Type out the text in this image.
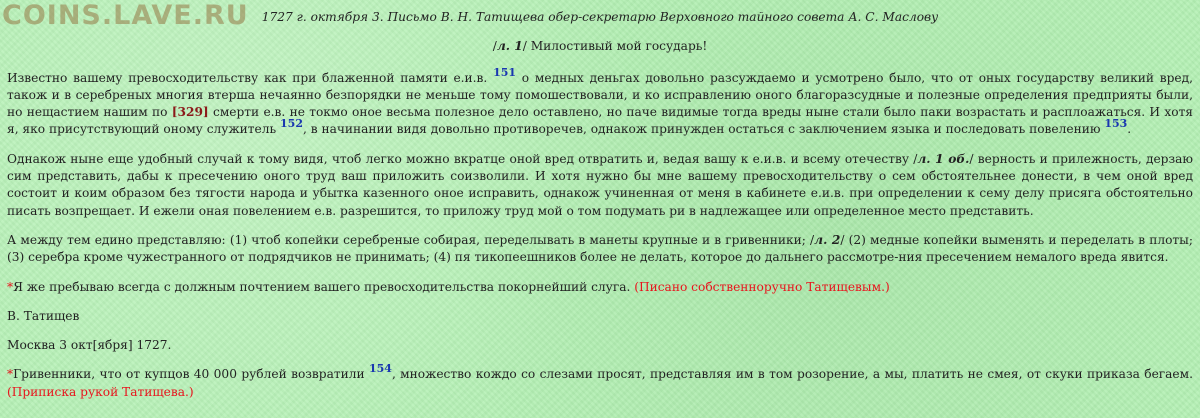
COINS.LAVE.RU	1727 г. октября 3. Письмо В. Н. Татищева обер-секретарю Верховного тайного совета А. С. Маслову
/л. 1/ Милостивый мой государь!

Известно вашему превосходительству как при блаженной памяти е.и.в. 151 о медных деньгах довольно разсуждаемо и усмотрено было, что от оных государству великий вред, також и в серебреных многия втерша нечаянно безпорядки не меньше тому помошествовали, и ко исправлению оного благоразсудные и полезные определения предприяты были, но нещастием нашим по [329] смерти е.в. не токмо оное весьма полезное дело оставлено, но паче видимые тогда вреды ныне стали было паки возрастать и расплоажаться. И хотя я, яко присутствующий оному служитель 152, в начинании видя довольно противоречев, однакож принужден остаться с заключением языка и последовать повелению 153.

Однакож ныне еще удобный случай к тому видя, чтоб легко можно вкратце оной вред отвратить и, ведая вашу к е.и.в. и всему отечеству /л. 1 об./ верность и прилежность, дерзаю сим представить, дабы к пресечению оного труд ваш приложить соизволили. И хотя нужно бы мне вашему превосходительству о сем обстоятельнее донести, в чем оной вред состоит и коим образом без тягости народа и убытка казенного оное исправить, однакож учиненная от меня в кабинете е.и.в. при определении к сему делу присяга обстоятельно писать возпрещает. И ежели оная повелением е.в. разрешится, то приложу труд мой о том подумать ри в надлежащее или определенное место представить.

А между тем едино представляю: (1) чтоб копейки серебреные собирая, переделывать в манеты крупные и в гривенники; /л. 2/ (2) медные копейки выменять и переделать в плоты; (3) серебра кроме чужестранного от подрядчиков не принимать; (4) пя тикопеешников более не делать, которое до дальнего рассмотре-ния пресечением немалого вреда явится.

*Я же пребываю всегда с должным почтением вашего превосходительства покорнейший слуга. (Писано собственноручно Татищевым.)

В. Татищев

Москва 3 окт[ября] 1727.

*Гривенники, что от купцов 40 000 рублей возвратили 154, множество кождо со слезами просят, представляя им в том розорение, а мы, платить не смея, от скуки приказа бегаем. (Приписка рукой Татищева.)
